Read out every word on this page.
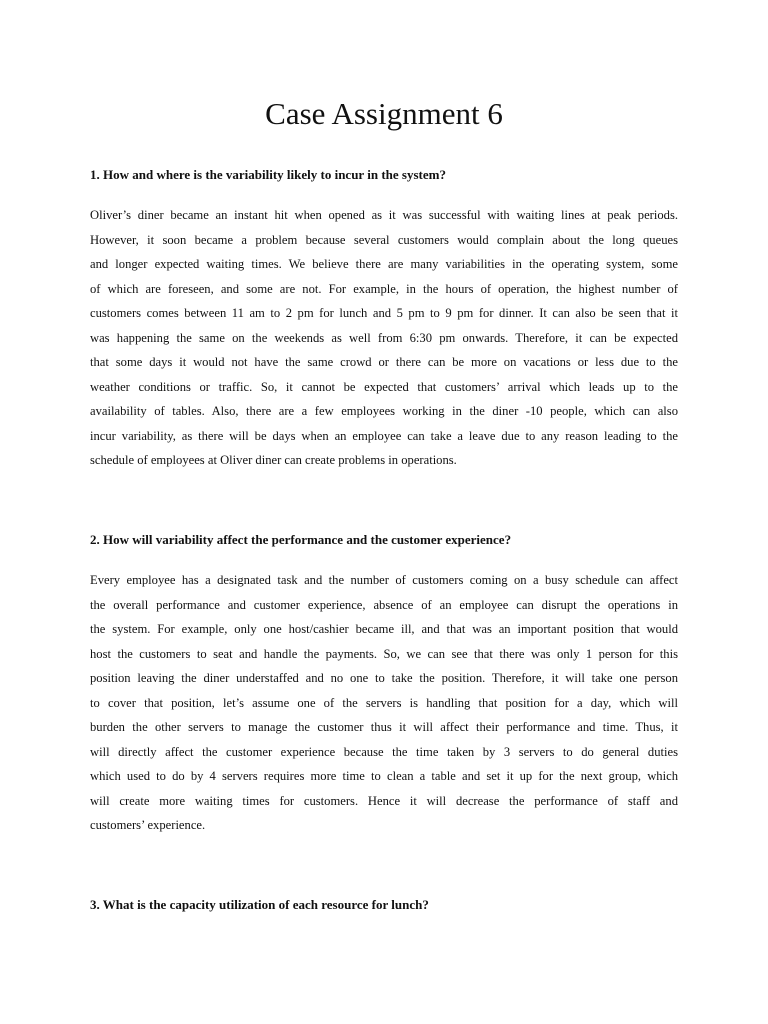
Case Assignment 6

1. How and where is the variability likely to incur in the system?

Oliver’s diner became an instant hit when opened as it was successful with waiting lines at peak periods.
However, it soon became a problem because several customers would complain about the long queues
and longer expected waiting times. We believe there are many variabilities in the operating system, some
of which are foreseen, and some are not. For example, in the hours of operation, the highest number of
customers comes between 11 am to 2 pm for lunch and 5 pm to 9 pm for dinner. It can also be seen that it
was happening the same on the weekends as well from 6:30 pm onwards. Therefore, it can be expected
that some days it would not have the same crowd or there can be more on vacations or less due to the
weather conditions or traffic. So, it cannot be expected that customers’ arrival which leads up to the
availability of tables. Also, there are a few employees working in the diner -10 people, which can also
incur variability, as there will be days when an employee can take a leave due to any reason leading to the
schedule of employees at Oliver diner can create problems in operations.

2. How will variability affect the performance and the customer experience?

Every employee has a designated task and the number of customers coming on a busy schedule can affect
the overall performance and customer experience, absence of an employee can disrupt the operations in
the system. For example, only one host/cashier became ill, and that was an important position that would
host the customers to seat and handle the payments. So, we can see that there was only 1 person for this
position leaving the diner understaffed and no one to take the position. Therefore, it will take one person
to cover that position, let’s assume one of the servers is handling that position for a day, which will
burden the other servers to manage the customer thus it will affect their performance and time. Thus, it
will directly affect the customer experience because the time taken by 3 servers to do general duties
which used to do by 4 servers requires more time to clean a table and set it up for the next group, which
will create more waiting times for customers. Hence it will decrease the performance of staff and
customers’ experience.

3. What is the capacity utilization of each resource for lunch?
